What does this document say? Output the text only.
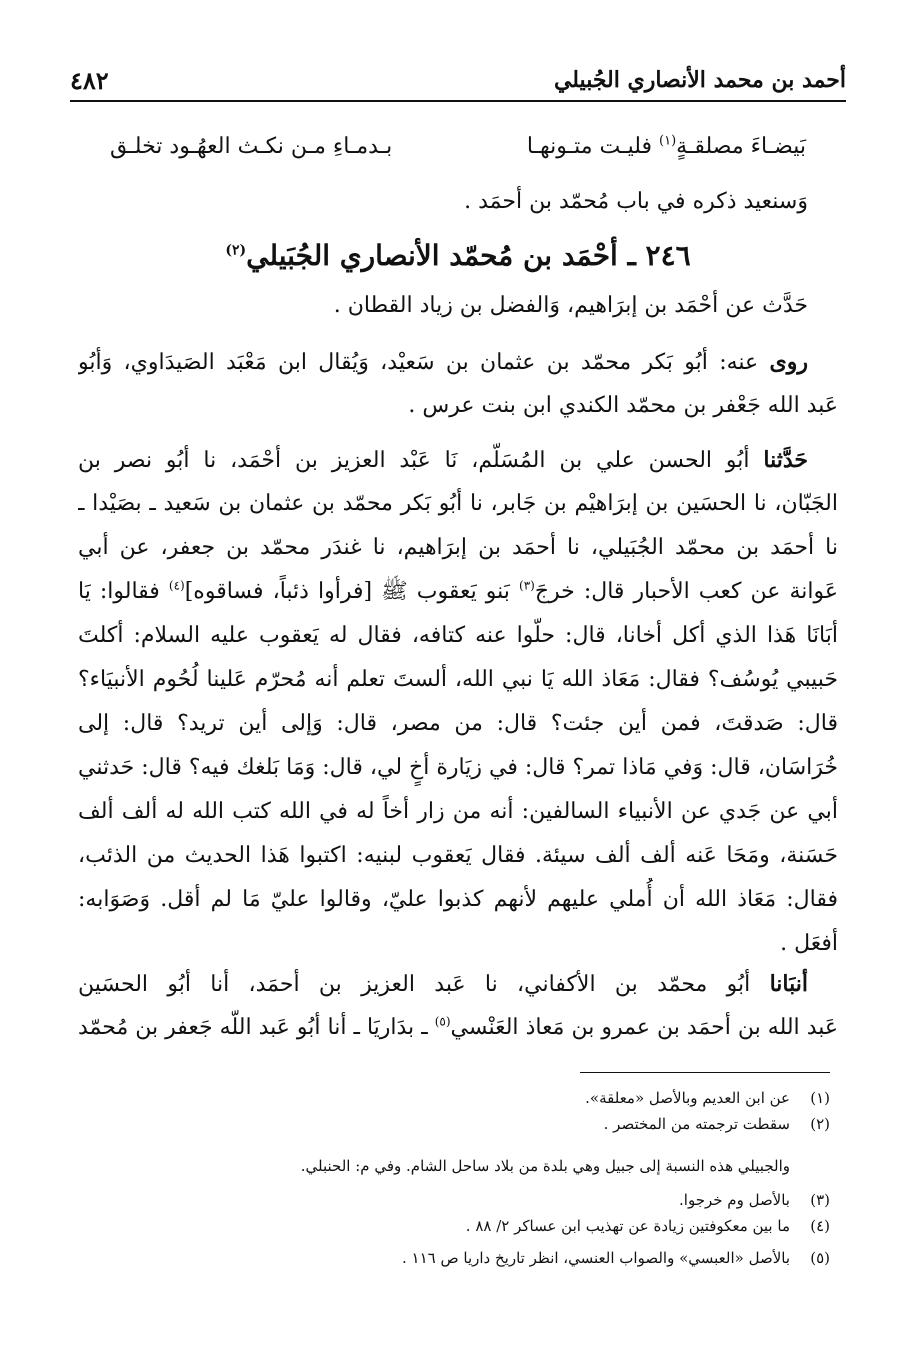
أحمد بن محمد الأنصاري الجُبيلي
٤٨٢
بَيضـاءَ مصلقـةٍ$^{(١)}$ فليـت متـونهـا
بـدمـاءِ مـن نكـث العهُـود تخلـق
وَسنعيد ذكره في باب مُحمّد بن أحمَد .
٢٤٦ ـ أحْمَد بن مُحمّد الأنصاري الجُبَيلي$^{(٢)}$
حَدَّث عن أحْمَد بن إبرَاهيم، وَالفضل بن زياد القطان .
روى عنه: أبُو بَكر محمّد بن عثمان بن سَعيْد، وَيُقال ابن مَعْبَد الصَيدَاوي، وَأبُو
عَبد الله جَعْفر بن محمّد الكندي ابن بنت عرس .
حَدَّثنا أبُو الحسن علي بن المُسَلّم، نَا عَبْد العزيز بن أحْمَد، نا أبُو نصر بن
الجَبّان، نا الحسَين بن إبرَاهيْم بن جَابر، نا أبُو بَكر محمّد بن عثمان بن سَعيد ـ بصَيْدا ـ
نا أحمَد بن محمّد الجُبَيلي، نا أحمَد بن إبرَاهيم، نا غندَر محمّد بن جعفر، عن أبي
عَوانة عن كعب الأحبار قال: خرجَ$^{(٣)}$ بَنو يَعقوب ﷺ [فرأوا ذئباً، فساقوه]$^{(٤)}$ فقالوا: يَا
أبَانَا هَذا الذي أكل أخانا، قال: حلّوا عنه كتافه، فقال له يَعقوب عليه السلام: أكلتَ
حَبيبي يُوسُف؟ فقال: مَعَاذ الله يَا نبي الله، ألستَ تعلم أنه مُحرّم عَلينا لُحُوم الأنبيَاء؟
قال: صَدقتَ، فمن أين جئت؟ قال: من مصر، قال: وَإلى أين تريد؟ قال: إلى
خُرَاسَان، قال: وَفي مَاذا تمر؟ قال: في زيَارة أخٍ لي، قال: وَمَا بَلغك فيه؟ قال: حَدثني
أبي عن جَدي عن الأنبياء السالفين: أنه من زار أخاً له في الله كتب الله له ألف ألف
حَسَنة، ومَحَا عَنه ألف ألف سيئة. فقال يَعقوب لبنيه: اكتبوا هَذا الحديث من الذئب،
فقال: مَعَاذ الله أن أُملي عليهم لأنهم كذبوا عليّ، وقالوا عليّ مَا لم أقل. وَصَوَابه:
أفعَل .
أنبَانا أبُو محمّد بن الأكفاني، نا عَبد العزيز بن أحمَد، أنا أبُو الحسَين
عَبد الله بن أحمَد بن عمرو بن مَعاذ العَنْسي$^{(٥)}$ ـ بدَاريَا ـ أنا أبُو عَبد اللّه جَعفر بن مُحمّد
(١)عن ابن العديم وبالأصل «معلقة».
(٢)سقطت ترجمته من المختصر .
والجبيلي هذه النسبة إلى جبيل وهي بلدة من بلاد ساحل الشام. وفي م: الحنبلي.
(٣)بالأصل وم خرجوا.
(٤)ما بين معكوفتين زيادة عن تهذيب ابن عساكر ٢/ ٨٨ .
(٥)بالأصل «العبسي» والصواب العنسي، انظر تاريخ داريا ص ١١٦ .
